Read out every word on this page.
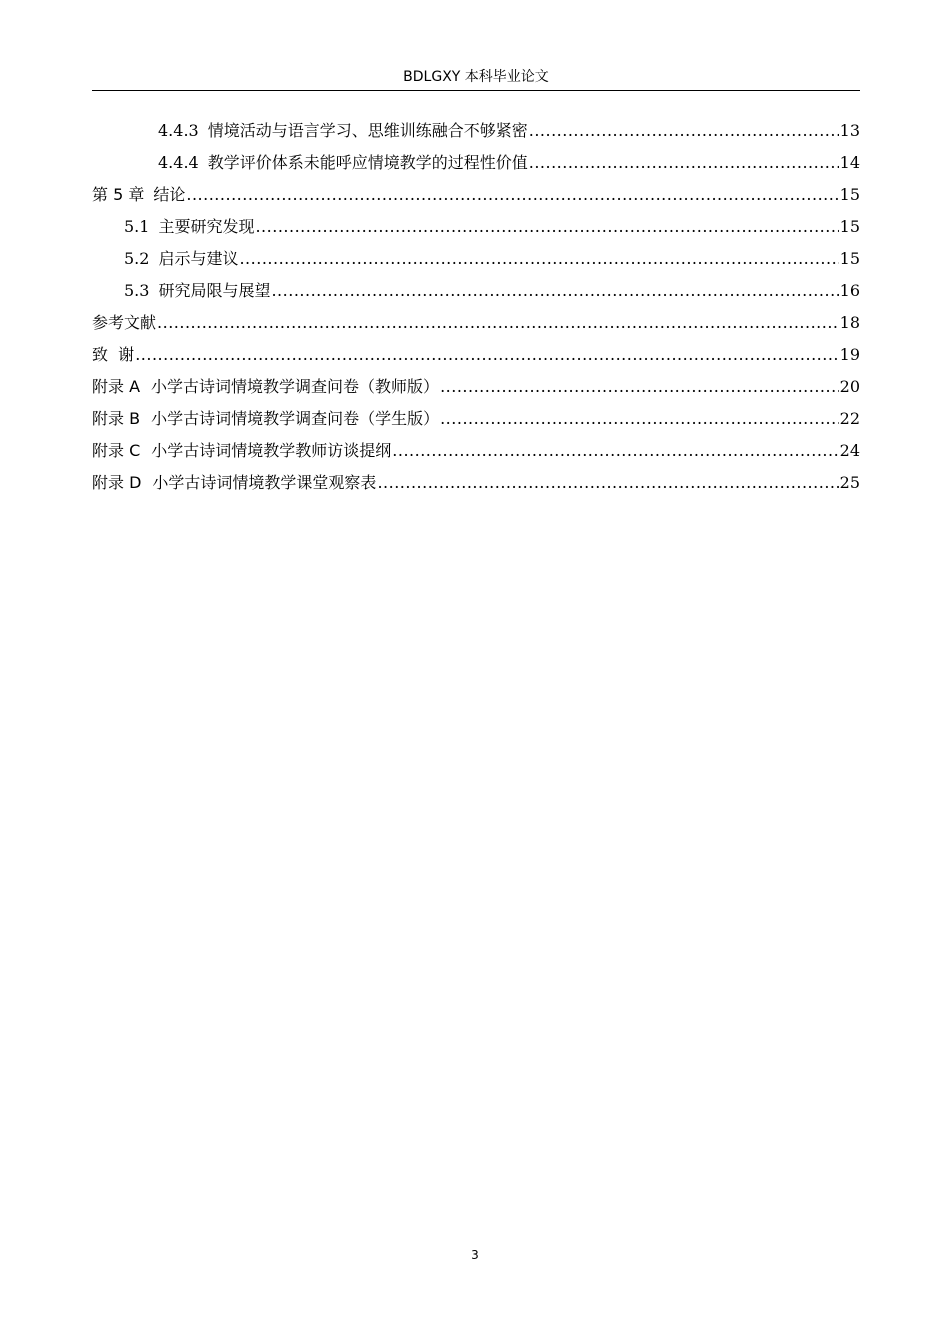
BDLGXY 本科毕业论文
4.4.3 情境活动与语言学习、思维训练融合不够紧密 .....	13
4.4.4 教学评价体系未能呼应情境教学的过程性价值 .....	14
第 5 章 结论 .....	15
5.1 主要研究发现 .....	15
5.2 启示与建议 .....	15
5.3 研究局限与展望 .....	16
参考文献 .....	18
致  谢 .....	19
附录 A 小学古诗词情境教学调查问卷（教师版） .....	20
附录 B 小学古诗词情境教学调查问卷（学生版） .....	22
附录 C 小学古诗词情境教学教师访谈提纲 .....	24
附录 D 小学古诗词情境教学课堂观察表 .....	25
3
